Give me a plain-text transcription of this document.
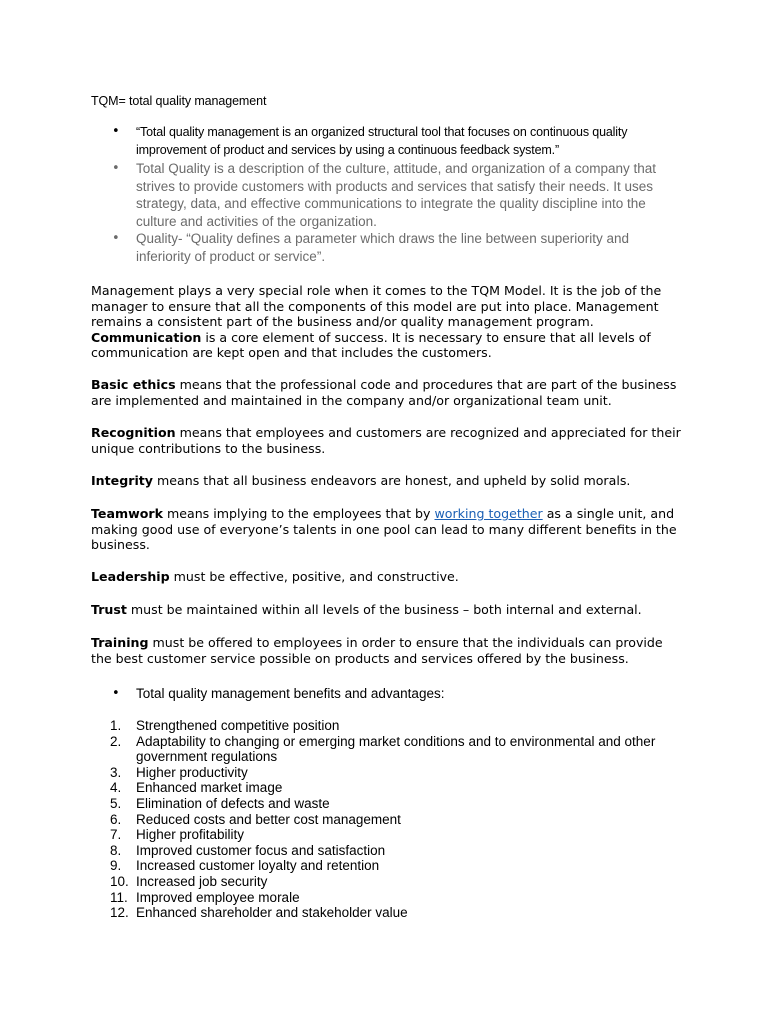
TQM= total quality management
• “Total quality management is an organized structural tool that focuses on continuous quality improvement of product and services by using a continuous feedback system.”
• Total Quality is a description of the culture, attitude, and organization of a company that strives to provide customers with products and services that satisfy their needs. It uses strategy, data, and effective communications to integrate the quality discipline into the culture and activities of the organization.
• Quality- “Quality defines a parameter which draws the line between superiority and inferiority of product or service”.

Management plays a very special role when it comes to the TQM Model. It is the job of the manager to ensure that all the components of this model are put into place. Management remains a consistent part of the business and/or quality management program. Communication is a core element of success. It is necessary to ensure that all levels of communication are kept open and that includes the customers.

Basic ethics means that the professional code and procedures that are part of the business are implemented and maintained in the company and/or organizational team unit.

Recognition means that employees and customers are recognized and appreciated for their unique contributions to the business.

Integrity means that all business endeavors are honest, and upheld by solid morals.

Teamwork means implying to the employees that by working together as a single unit, and making good use of everyone’s talents in one pool can lead to many different benefits in the business.

Leadership must be effective, positive, and constructive.

Trust must be maintained within all levels of the business – both internal and external.

Training must be offered to employees in order to ensure that the individuals can provide the best customer service possible on products and services offered by the business.

• Total quality management benefits and advantages:
1.	Strengthened competitive position
2.	Adaptability to changing or emerging market conditions and to environmental and other government regulations
3.	Higher productivity
4.	Enhanced market image
5.	Elimination of defects and waste
6.	Reduced costs and better cost management
7.	Higher profitability
8.	Improved customer focus and satisfaction
9.	Increased customer loyalty and retention
10. Increased job security
11. Improved employee morale
12. Enhanced shareholder and stakeholder value
